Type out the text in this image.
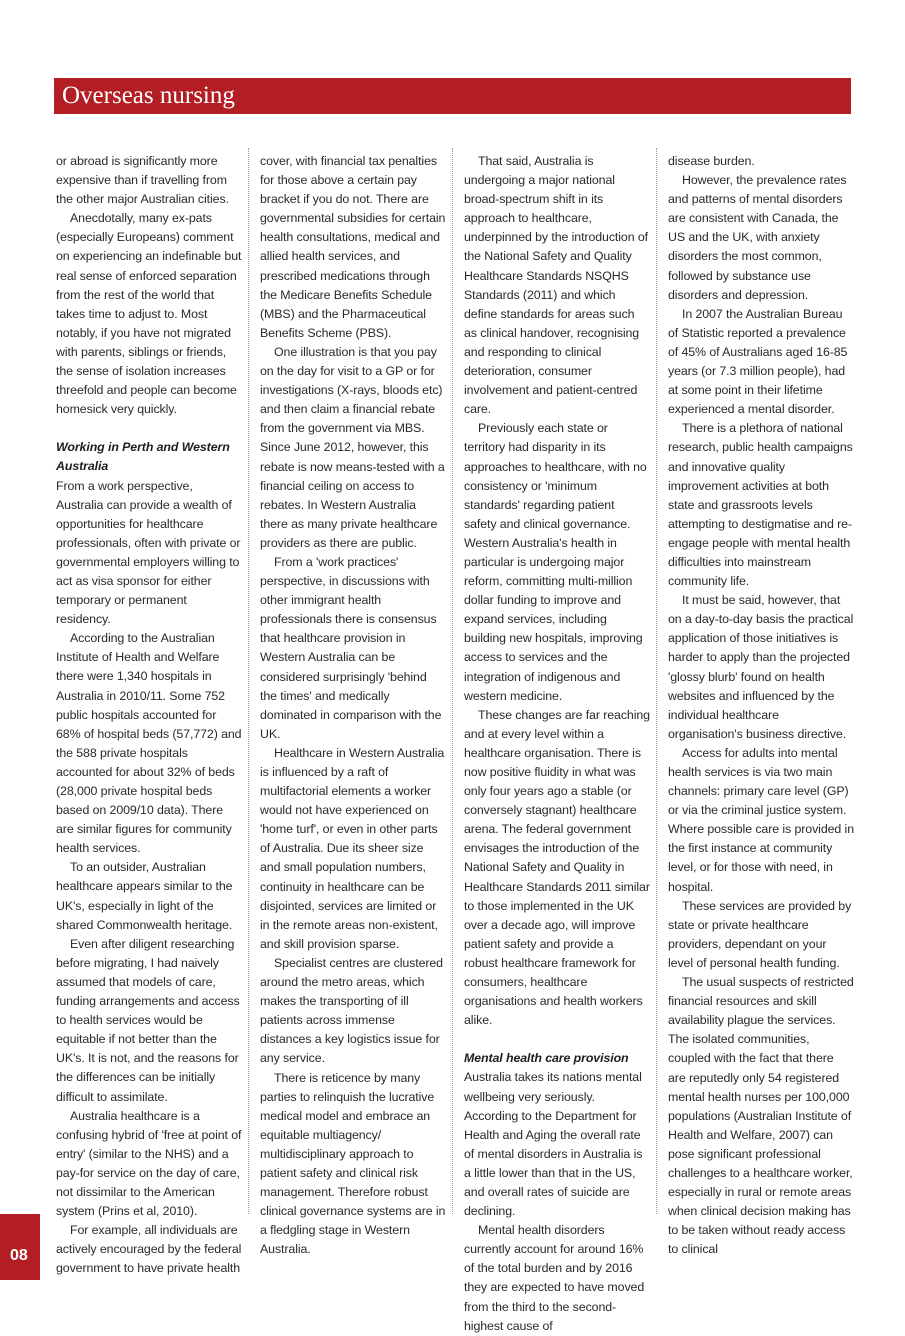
Overseas nursing

or abroad is significantly more expensive than if travelling from the other major Australian cities.

Anecdotally, many ex-pats (especially Europeans) comment on experiencing an indefinable but real sense of enforced separation from the rest of the world that takes time to adjust to. Most notably, if you have not migrated with parents, siblings or friends, the sense of isolation increases threefold and people can become homesick very quickly.

Working in Perth and Western Australia

From a work perspective, Australia can provide a wealth of opportunities for healthcare professionals, often with private or governmental employers willing to act as visa sponsor for either temporary or permanent residency.

According to the Australian Institute of Health and Welfare there were 1,340 hospitals in Australia in 2010/11. Some 752 public hospitals accounted for 68% of hospital beds (57,772) and the 588 private hospitals accounted for about 32% of beds (28,000 private hospital beds based on 2009/10 data). There are similar figures for community health services.

To an outsider, Australian healthcare appears similar to the UK's, especially in light of the shared Commonwealth heritage.

Even after diligent researching before migrating, I had naively assumed that models of care, funding arrangements and access to health services would be equitable if not better than the UK's. It is not, and the reasons for the differences can be initially difficult to assimilate.

Australia healthcare is a confusing hybrid of 'free at point of entry' (similar to the NHS) and a pay-for service on the day of care, not dissimilar to the American system (Prins et al, 2010).

For example, all individuals are actively encouraged by the federal government to have private health

cover, with financial tax penalties for those above a certain pay bracket if you do not. There are governmental subsidies for certain health consultations, medical and allied health services, and prescribed medications through the Medicare Benefits Schedule (MBS) and the Pharmaceutical Benefits Scheme (PBS).

One illustration is that you pay on the day for visit to a GP or for investigations (X-rays, bloods etc) and then claim a financial rebate from the government via MBS. Since June 2012, however, this rebate is now means-tested with a financial ceiling on access to rebates. In Western Australia there as many private healthcare providers as there are public.

From a 'work practices' perspective, in discussions with other immigrant health professionals there is consensus that healthcare provision in Western Australia can be considered surprisingly 'behind the times' and medically dominated in comparison with the UK.

Healthcare in Western Australia is influenced by a raft of multifactorial elements a worker would not have experienced on 'home turf', or even in other parts of Australia. Due its sheer size and small population numbers, continuity in healthcare can be disjointed, services are limited or in the remote areas non-existent, and skill provision sparse.

Specialist centres are clustered around the metro areas, which makes the transporting of ill patients across immense distances a key logistics issue for any service.

There is reticence by many parties to relinquish the lucrative medical model and embrace an equitable multiagency/ multidisciplinary approach to patient safety and clinical risk management. Therefore robust clinical governance systems are in a fledgling stage in Western Australia.

That said, Australia is undergoing a major national broad-spectrum shift in its approach to healthcare, underpinned by the introduction of the National Safety and Quality Healthcare Standards NSQHS Standards (2011) and which define standards for areas such as clinical handover, recognising and responding to clinical deterioration, consumer involvement and patient-centred care.

Previously each state or territory had disparity in its approaches to healthcare, with no consistency or 'minimum standards' regarding patient safety and clinical governance. Western Australia's health in particular is undergoing major reform, committing multi-million dollar funding to improve and expand services, including building new hospitals, improving access to services and the integration of indigenous and western medicine.

These changes are far reaching and at every level within a healthcare organisation. There is now positive fluidity in what was only four years ago a stable (or conversely stagnant) healthcare arena. The federal government envisages the introduction of the National Safety and Quality in Healthcare Standards 2011 similar to those implemented in the UK over a decade ago, will improve patient safety and provide a robust healthcare framework for consumers, healthcare organisations and health workers alike.

Mental health care provision

Australia takes its nations mental wellbeing very seriously. According to the Department for Health and Aging the overall rate of mental disorders in Australia is a little lower than that in the US, and overall rates of suicide are declining.

Mental health disorders currently account for around 16% of the total burden and by 2016 they are expected to have moved from the third to the second-highest cause of

disease burden.

However, the prevalence rates and patterns of mental disorders are consistent with Canada, the US and the UK, with anxiety disorders the most common, followed by substance use disorders and depression.

In 2007 the Australian Bureau of Statistic reported a prevalence of 45% of Australians aged 16-85 years (or 7.3 million people), had at some point in their lifetime experienced a mental disorder.

There is a plethora of national research, public health campaigns and innovative quality improvement activities at both state and grassroots levels attempting to destigmatise and re-engage people with mental health difficulties into mainstream community life.

It must be said, however, that on a day-to-day basis the practical application of those initiatives is harder to apply than the projected 'glossy blurb' found on health websites and influenced by the individual healthcare organisation's business directive.

Access for adults into mental health services is via two main channels: primary care level (GP) or via the criminal justice system. Where possible care is provided in the first instance at community level, or for those with need, in hospital.

These services are provided by state or private healthcare providers, dependant on your level of personal health funding.

The usual suspects of restricted financial resources and skill availability plague the services. The isolated communities, coupled with the fact that there are reputedly only 54 registered mental health nurses per 100,000 populations (Australian Institute of Health and Welfare, 2007) can pose significant professional challenges to a healthcare worker, especially in rural or remote areas when clinical decision making has to be taken without ready access to clinical

08
